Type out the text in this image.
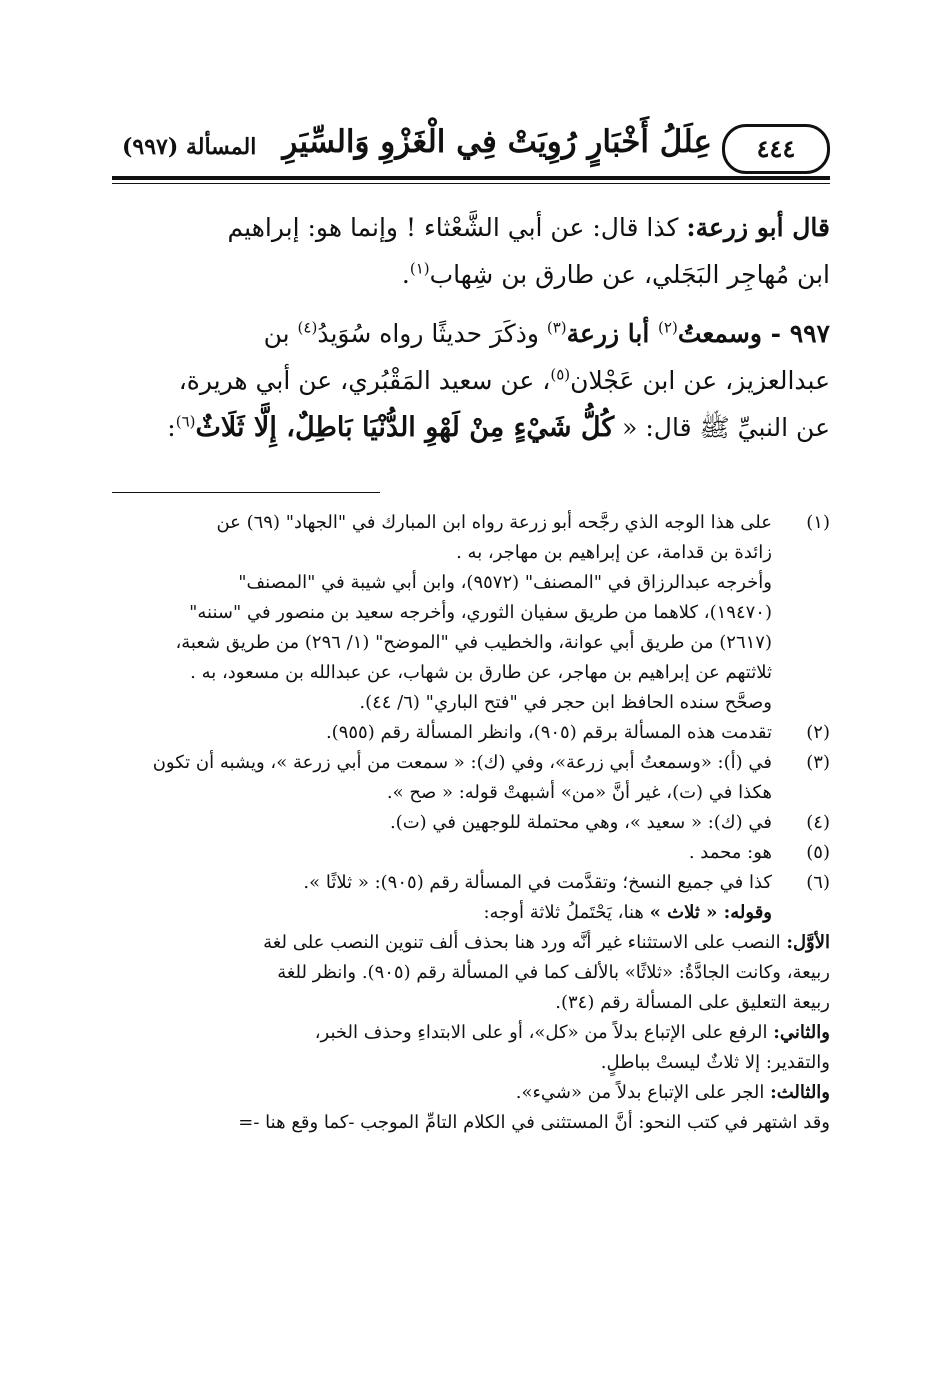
المسألة (٩٩٧) عِلَلُ أَخْبَارٍ رُوِيَتْ فِي الْغَزْوِ وَالسِّيَرِ	٤٤٤

قال أبو زرعة: كذا قال: عن أبي الشَّعْثاء ! وإنما هو: إبراهيم
ابن مُهاجِر البَجَلي، عن طارق بن شِهاب$^{(١)}$.

٩٩٧ - وسمعتُ$^{(٢)}$ أبا زرعة$^{(٣)}$ وذكَرَ حديثًا رواه سُوَيدُ$^{(٤)}$ بن
عبدالعزيز، عن ابن عَجْلان$^{(٥)}$، عن سعيد المَقْبُري، عن أبي هريرة،
عن النبيِّ ﷺ قال: « كُلُّ شَيْءٍ مِنْ لَهْوِ الدُّنْيَا بَاطِلٌ، إِلَّا ثَلَاثٌ$^{(٦)}$:

(١)

على هذا الوجه الذي رجَّحه أبو زرعة رواه ابن المبارك في "الجهاد" (٦٩) عن

زائدة بن قدامة، عن إبراهيم بن مهاجر، به .

وأخرجه عبدالرزاق في "المصنف" (٩٥٧٢)، وابن أبي شيبة في "المصنف"

(١٩٤٧٠)، كلاهما من طريق سفيان الثوري، وأخرجه سعيد بن منصور في "سننه"

(٢٦١٧) من طريق أبي عوانة، والخطيب في "الموضح" (١/ ٢٩٦) من طريق شعبة،

ثلاثتهم عن إبراهيم بن مهاجر، عن طارق بن شهاب، عن عبدالله بن مسعود، به .

وصحَّح سنده الحافظ ابن حجر في "فتح الباري" (٦/ ٤٤).

(٢)

تقدمت هذه المسألة برقم (٩٠٥)، وانظر المسألة رقم (٩٥٥).

(٣)

في (أ): «وسمعتُ أبي زرعة»، وفي (ك): « سمعت من أبي زرعة »، ويشبه أن تكون

هكذا في (ت)، غير أنَّ «من» أشبهتْ قوله: « صح ».

(٤)

في (ك): « سعيد »، وهي محتملة للوجهين في (ت).

(٥)

هو: محمد .

(٦)

كذا في جميع النسخ؛ وتقدَّمت في المسألة رقم (٩٠٥): « ثلاثًا ».

وقوله: « ثلاث » هنا، يَحْتَملُ ثلاثة أوجه:

الأوَّل: النصب على الاستثناء غير أنَّه ورد هنا بحذف ألف تنوين النصب على لغة
ربيعة، وكانت الجادَّةُ: «ثلاثًا» بالألف كما في المسألة رقم (٩٠٥). وانظر للغة
ربيعة التعليق على المسألة رقم (٣٤).

والثاني: الرفع على الإتباع بدلاً من «كل»، أو على الابتداءِ وحذف الخبر،
والتقدير: إلا ثلاثٌ ليستْ بباطلٍ.

والثالث: الجر على الإتباع بدلاً من «شيء».

وقد اشتهر في كتب النحو: أنَّ المستثنى في الكلام التامِّ الموجب -كما وقع هنا -=
